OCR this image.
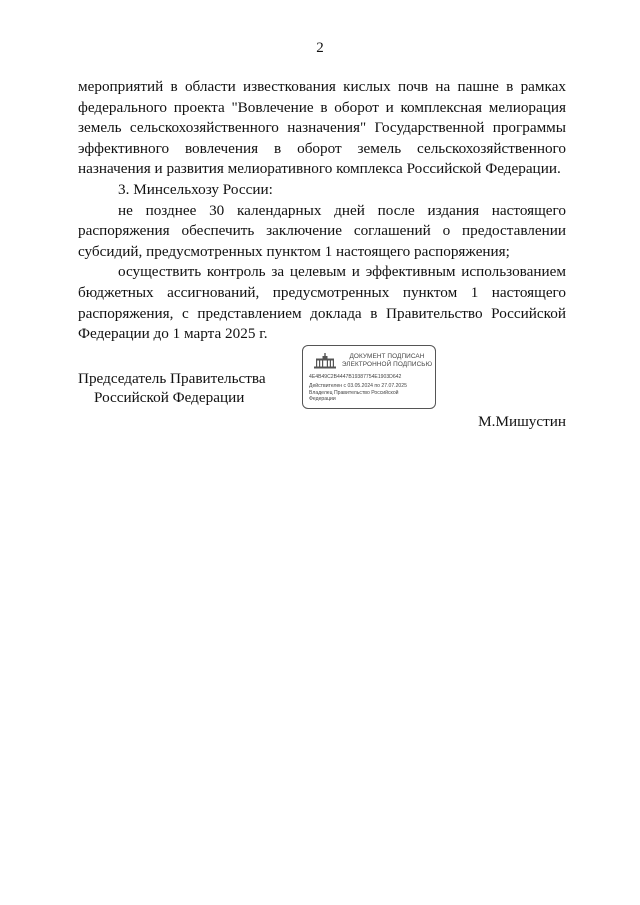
2

мероприятий в области известкования кислых почв на пашне в рамках федерального проекта "Вовлечение в оборот и комплексная мелиорация земель сельскохозяйственного назначения" Государственной программы эффективного вовлечения в оборот земель сельскохозяйственного назначения и развития мелиоративного комплекса Российской Федерации.

3. Минсельхозу России:

не позднее 30 календарных дней после издания настоящего распоряжения обеспечить заключение соглашений о предоставлении субсидий, предусмотренных пунктом 1 настоящего распоряжения;

осуществить контроль за целевым и эффективным использованием бюджетных ассигнований, предусмотренных пунктом 1 настоящего распоряжения, с представлением доклада в Правительство Российской Федерации до 1 марта 2025 г.

Председатель Правительства
Российской Федерации
ДОКУМЕНТ ПОДПИСАН
ЭЛЕКТРОННОЙ ПОДПИСЬЮ
4E4B49C2B4447B19387754E1903D642
Действителен с 03.05.2024 по 27.07.2025
Владелец Правительство Российской
Федерации
М.Мишустин
